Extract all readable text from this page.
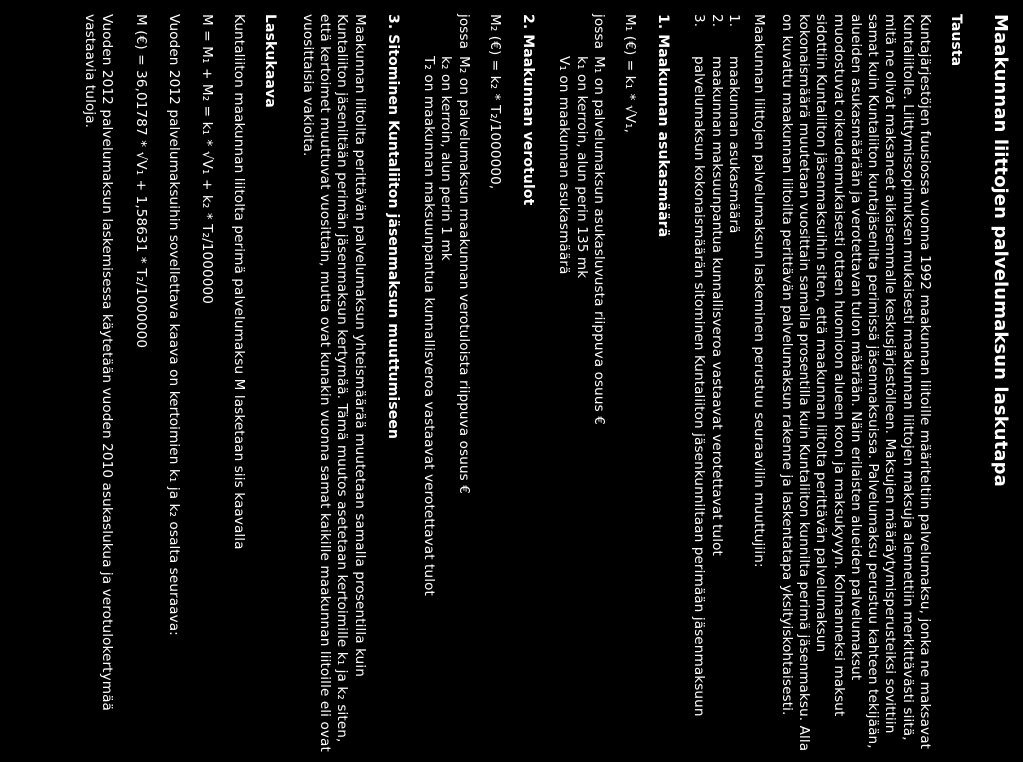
Maakunnan liittojen palvelumaksun laskutapa
Tausta

Kuntajärjestöjen fuusiossa vuonna 1992 maakunnan liitoille määriteltiin palvelumaksu, jonka ne maksavat Kuntaliitolle. Liittymissopimuksen mukaisesti maakunnan liittojen maksuja alennettiin merkittävästi siitä, mitä ne olivat maksaneet aikaisemmalle keskusjärjestölleen. Maksujen määräytymisperusteiksi sovittiin samat kuin Kuntaliiton kuntajäsenilta perimissä jäsenmaksuissa. Palvelumaksu perustuu kahteen tekijään, alueiden asukasmäärään ja verotettavan tulon määrään. Näin erilaisten alueiden palvelumaksut muodostuvat oikeudenmukaisesti ottaen huomioon alueen koon ja maksukyvyn. Kolmanneksi maksut sidottiin Kuntaliiton jäsenmaksuihin siten, että maakunnan liitolta perittävän palvelumaksun kokonaismäärä muutetaan vuosittain samalla prosentilla kuin Kuntaliiton kunnilta perimä jäsenmaksu. Alla on kuvattu maakunnan liitoilta perittävän palvelumaksun rakenne ja laskentatapa yksityiskohtaisesti.

Maakunnan liittojen palvelumaksun laskeminen perustuu seuraavilin muuttujiin:

1.
maakunnan asukasmäärä
2.
maakunnan maksuunpantua kunnallisveroa vastaavat verotettavat tulot
3.
palvelumaksun kokonaismäärän sitominen Kuntaliiton jäsenkunniltaan perimään jäsenmaksuun
1. Maakunnan asukasmäärä

M₁ (€) = k₁ * √V₁,

jossa
M₁ on palvelumaksun asukasluvusta riippuva osuus €
k₁ on kerroin, alun perin 135 mk
V₁ on maakunnan asukasmäärä
2. Maakunnan verotulot

M₂ (€) = k₂ * T₂/1000000,

jossa
M₂ on palvelumaksun maakunnan verotuloista riippuva osuus €
k₂ on kerroin, alun perin 1 mk
T₂ on maakunnan maksuunpantua kunnallisveroa vastaavat verotettavat tulot
3. Sitominen Kuntaliiton jäsenmaksun muuttumiseen

Maakunnan liitoilta perittävän palvelumaksun yhteismäärää muutetaan samalla prosentilla kuin Kuntaliiton jäseniltään perimän jäsenmaksun kertymää. Tämä muutos asetetaan kertoimille k₁ ja k₂ siten, että kertoimet muuttuvat vuosittain, mutta ovat kunakin vuonna samat kaikille maakunnan liitoille eli ovat vuosittaisia vakioita.

Laskukaava

Kuntaliiton maakunnan liitolta perimä palvelumaksu M lasketaan siis kaavalla

M = M₁ + M₂ = k₁ * √V₁ + k₂ * T₂/1000000

Vuoden 2012 palvelumaksuihin sovellettava kaava on kertoimien k₁ ja k₂ osalta seuraava:

M (€) = 36,01787 * √V₁ + 1,58631 * T₂/1000000

Vuoden 2012 palvelumaksun laskemisessa käytetään vuoden 2010 asukaslukua ja verotulokertymää vastaavia tuloja.
